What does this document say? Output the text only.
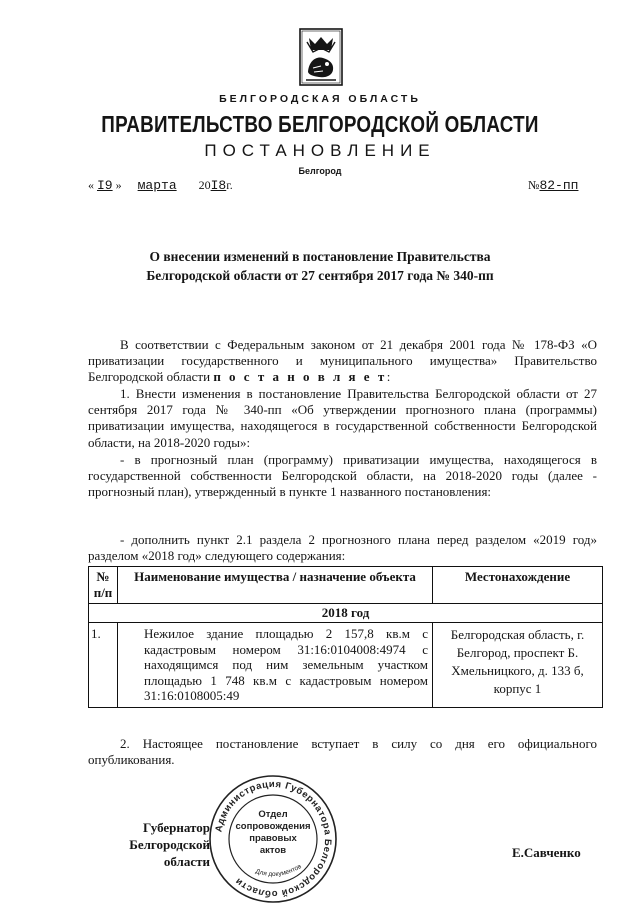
БЕЛГОРОДСКАЯ ОБЛАСТЬ
ПРАВИТЕЛЬСТВО БЕЛГОРОДСКОЙ ОБЛАСТИ
ПОСТАНОВЛЕНИЕ
Белгород
« I9 » марта 20I8г.	№82-пп
О внесении изменений в постановление Правительства
Белгородской области от 27 сентября 2017 года № 340-пп
В соответствии с Федеральным законом от 21 декабря 2001 года № 178-ФЗ «О приватизации государственного и муниципального имущества» Правительство Белгородской области п о с т а н о в л я е т:
1. Внести изменения в постановление Правительства Белгородской области от 27 сентября 2017 года № 340-пп «Об утверждении прогнозного плана (программы) приватизации имущества, находящегося в государственной собственности Белгородской области, на 2018-2020 годы»:
- в прогнозный план (программу) приватизации имущества, находящегося в государственной собственности Белгородской области, на 2018-2020 годы (далее - прогнозный план), утвержденный в пункте 1 названного постановления:
- дополнить пункт 2.1 раздела 2 прогнозного плана перед разделом «2019 год» разделом «2018 год» следующего содержания:
№ п/п	Наименование имущества / назначение объекта	Местонахождение
2018 год		
1.	Нежилое здание площадью 2 157,8 кв.м с кадастровым номером 31:16:0104008:4974 с находящимся под ним земельным участком площадью 1 748 кв.м с кадастровым номером 31:16:0108005:49	Белгородская область, г. Белгород, проспект Б. Хмельницкого, д. 133 б, корпус 1
2. Настоящее постановление вступает в силу со дня его официального опубликования.
Губернатор
Белгородской области
Администрация Губернатора Белгородской области
Отдел
сопровождения
правовых
актов
Для документов
Е.Савченко
